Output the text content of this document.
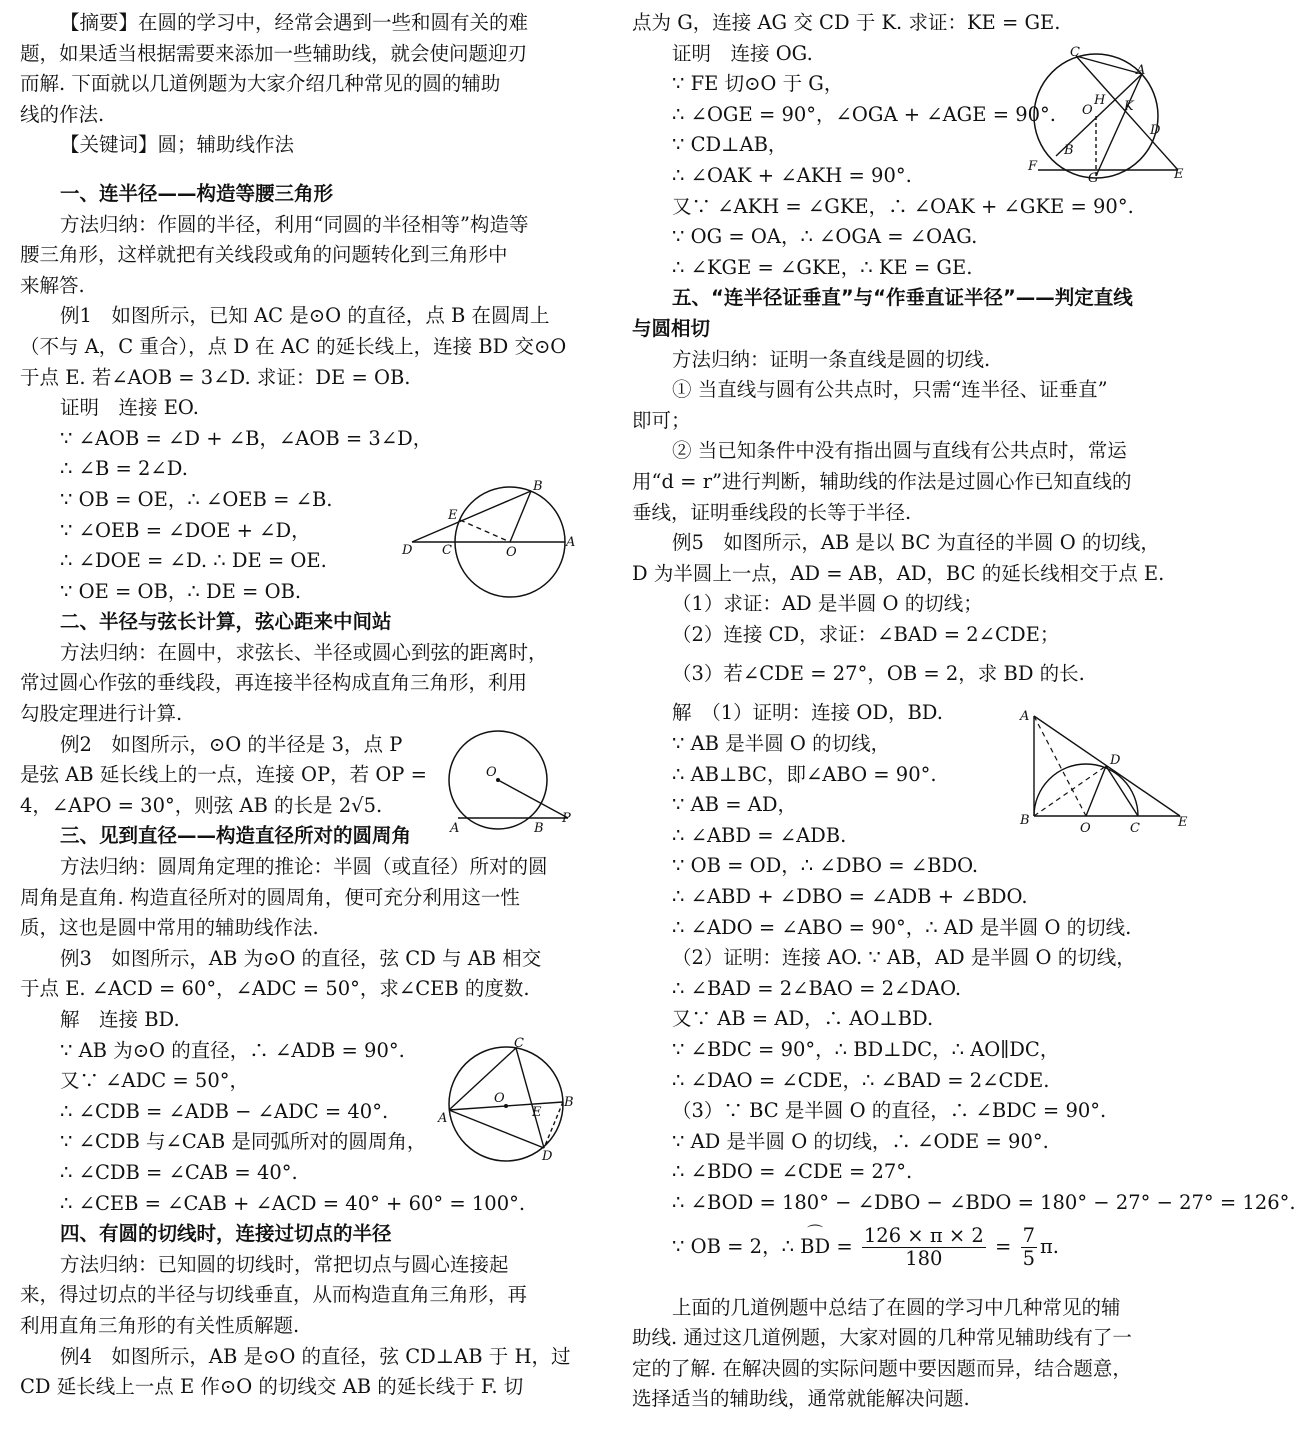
【摘要】在圆的学习中，经常会遇到一些和圆有关的难
题，如果适当根据需要来添加一些辅助线，就会使问题迎刃
而解. 下面就以几道例题为大家介绍几种常见的圆的辅助
线的作法.
【关键词】圆；辅助线作法
一、连半径——构造等腰三角形
方法归纳：作圆的半径，利用“同圆的半径相等”构造等
腰三角形，这样就把有关线段或角的问题转化到三角形中
来解答.
例1　如图所示，已知 AC 是⊙O 的直径，点 B 在圆周上
（不与 A，C 重合），点 D 在 AC 的延长线上，连接 BD 交⊙O
于点 E. 若∠AOB = 3∠D. 求证：DE = OB.
证明　连接 EO.
∵ ∠AOB = ∠D + ∠B，∠AOB = 3∠D，
∴ ∠B = 2∠D.
∵ OB = OE，∴ ∠OEB = ∠B.
∵ ∠OEB = ∠DOE + ∠D，
∴ ∠DOE = ∠D. ∴ DE = OE.
∵ OE = OB，∴ DE = OB.
二、半径与弦长计算，弦心距来中间站
方法归纳：在圆中，求弦长、半径或圆心到弦的距离时，
常过圆心作弦的垂线段，再连接半径构成直角三角形，利用
勾股定理进行计算.
例2　如图所示，⊙O 的半径是 3，点 P
是弦 AB 延长线上的一点，连接 OP，若 OP =
4，∠APO = 30°，则弦 AB 的长是 2√5.
三、见到直径——构造直径所对的圆周角
方法归纳：圆周角定理的推论：半圆（或直径）所对的圆
周角是直角. 构造直径所对的圆周角，便可充分利用这一性
质，这也是圆中常用的辅助线作法.
例3　如图所示，AB 为⊙O 的直径，弦 CD 与 AB 相交
于点 E. ∠ACD = 60°，∠ADC = 50°，求∠CEB 的度数.
解　连接 BD.
∵ AB 为⊙O 的直径，∴ ∠ADB = 90°.
又∵ ∠ADC = 50°，
∴ ∠CDB = ∠ADB − ∠ADC = 40°.
∵ ∠CDB 与∠CAB 是同弧所对的圆周角，
∴ ∠CDB = ∠CAB = 40°.
∴ ∠CEB = ∠CAB + ∠ACD = 40° + 60° = 100°.
四、有圆的切线时，连接过切点的半径
方法归纳：已知圆的切线时，常把切点与圆心连接起
来，得过切点的半径与切线垂直，从而构造直角三角形，再
利用直角三角形的有关性质解题.
例4　如图所示，AB 是⊙O 的直径，弦 CD⊥AB 于 H，过
CD 延长线上一点 E 作⊙O 的切线交 AB 的延长线于 F. 切
点为 G，连接 AG 交 CD 于 K. 求证：KE = GE.
证明　连接 OG.
∵ FE 切⊙O 于 G，
∴ ∠OGE = 90°，∠OGA + ∠AGE = 90°.
∵ CD⊥AB，
∴ ∠OAK + ∠AKH = 90°.
又∵ ∠AKH = ∠GKE，∴ ∠OAK + ∠GKE = 90°.
∵ OG = OA，∴ ∠OGA = ∠OAG.
∴ ∠KGE = ∠GKE，∴ KE = GE.
五、“连半径证垂直”与“作垂直证半径”——判定直线
与圆相切
方法归纳：证明一条直线是圆的切线.
① 当直线与圆有公共点时，只需“连半径、证垂直”
即可；
② 当已知条件中没有指出圆与直线有公共点时，常运
用“d = r”进行判断，辅助线的作法是过圆心作已知直线的
垂线，证明垂线段的长等于半径.
例5　如图所示，AB 是以 BC 为直径的半圆 O 的切线，
D 为半圆上一点，AD = AB，AD，BC 的延长线相交于点 E.
（1）求证：AD 是半圆 O 的切线；
（2）连接 CD，求证：∠BAD = 2∠CDE；
（3）若∠CDE = 27°，OB = 2，求 BD 的长.
解　（1）证明：连接 OD，BD.
∵ AB 是半圆 O 的切线，
∴ AB⊥BC，即∠ABO = 90°.
∵ AB = AD，
∴ ∠ABD = ∠ADB.
∵ OB = OD，∴ ∠DBO = ∠BDO.
∴ ∠ABD + ∠DBO = ∠ADB + ∠BDO.
∴ ∠ADO = ∠ABO = 90°，∴ AD 是半圆 O 的切线.
（2）证明：连接 AO. ∵ AB，AD 是半圆 O 的切线，
∴ ∠BAD = 2∠BAO = 2∠DAO.
又∵ AB = AD，∴ AO⊥BD.
∵ ∠BDC = 90°，∴ BD⊥DC，∴ AO∥DC，
∴ ∠DAO = ∠CDE，∴ ∠BAD = 2∠CDE.
（3）∵ BC 是半圆 O 的直径，∴ ∠BDC = 90°.
∵ AD 是半圆 O 的切线，∴ ∠ODE = 90°.
∴ ∠BDO = ∠CDE = 27°.
∴ ∠BOD = 180° − ∠DBO − ∠BDO = 180° − 27° − 27° = 126°.
∵ OB = 2，∴ ⌒ BD = $\frac{126 \times \pi \times 2}{180} = \frac{7}{5} \pi$.
上面的几道例题中总结了在圆的学习中几种常见的辅
助线. 通过这几道例题，大家对圆的几种常见辅助线有了一
定的了解. 在解决圆的实际问题中要因题而异，结合题意，
选择适当的辅助线，通常就能解决问题.
B
E
D C	O
A
O
A	B
P
C
O
A
B
E
D
C
A
H
O K
D
B
F
G	E
A
D
B
O	C	E
